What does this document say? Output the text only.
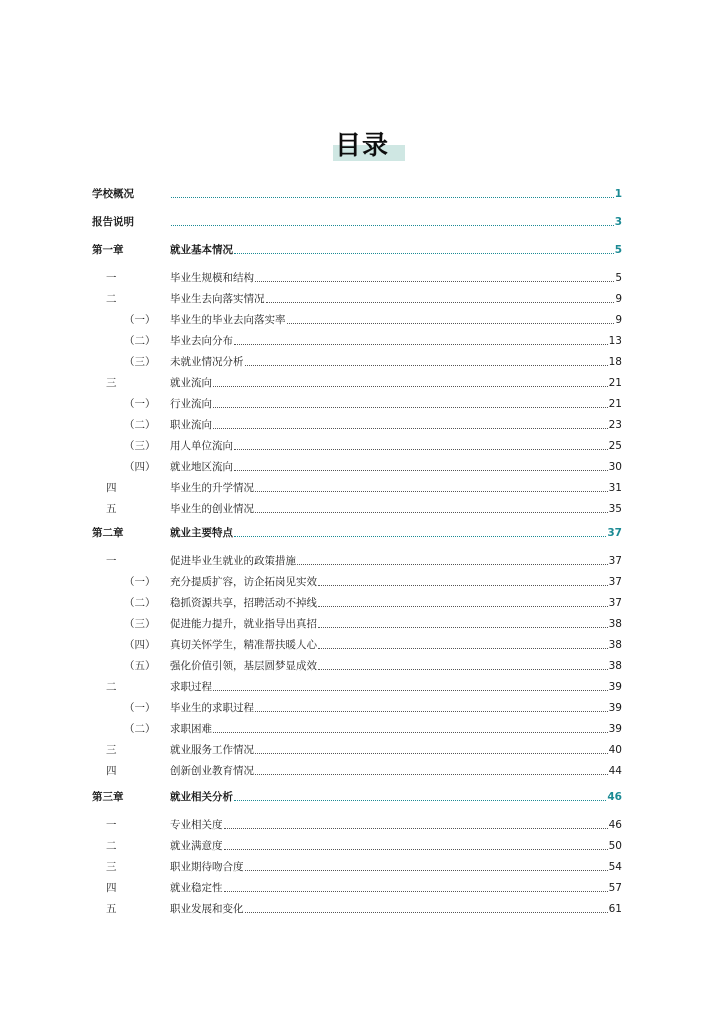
目录
学校概况	1
报告说明	3
第一章	就业基本情况	5
一	毕业生规模和结构	5
二	毕业生去向落实情况	9
（一） 毕业生的毕业去向落实率	9
（二） 毕业去向分布	13
（三） 未就业情况分析	18
三	就业流向	21
（一） 行业流向	21
（二） 职业流向	23
（三） 用人单位流向	25
（四） 就业地区流向	30
四	毕业生的升学情况	31
五	毕业生的创业情况	35
第二章	就业主要特点	37
一	促进毕业生就业的政策措施	37
（一） 充分提质扩容，访企拓岗见实效	37
（二） 稳抓资源共享，招聘活动不掉线	37
（三） 促进能力提升，就业指导出真招	38
（四） 真切关怀学生，精准帮扶暖人心	38
（五） 强化价值引领，基层圆梦显成效	38
二	求职过程	39
（一） 毕业生的求职过程	39
（二） 求职困难	39
三	就业服务工作情况	40
四	创新创业教育情况	44
第三章	就业相关分析	46
一	专业相关度	46
二	就业满意度	50
三	职业期待吻合度	54
四	就业稳定性	57
五	职业发展和变化	61
